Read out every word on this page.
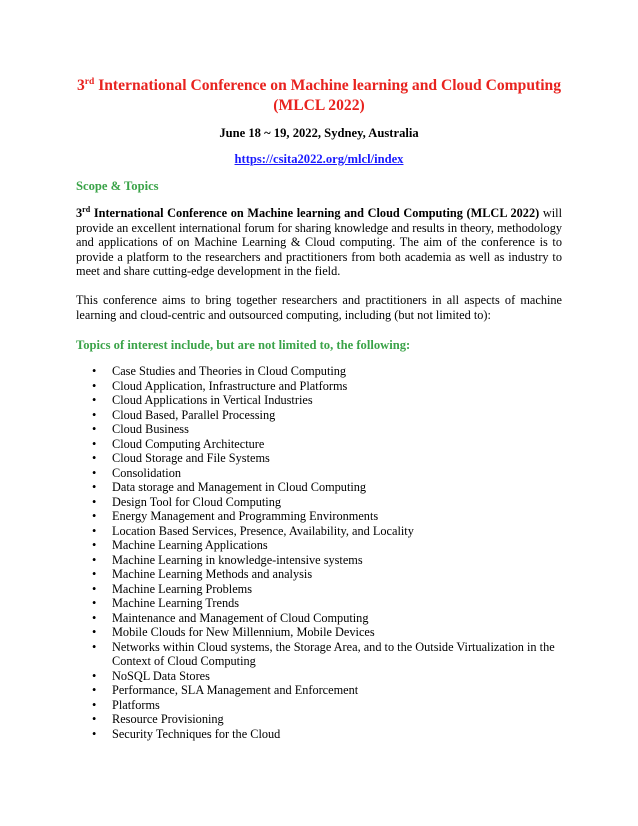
3rd International Conference on Machine learning and Cloud Computing
(MLCL 2022)
June 18 ~ 19, 2022, Sydney, Australia
https://csita2022.org/mlcl/index
Scope & Topics
3rd International Conference on Machine learning and Cloud Computing (MLCL 2022) will provide an excellent international forum for sharing knowledge and results in theory, methodology and applications of on Machine Learning & Cloud computing. The aim of the conference is to provide a platform to the researchers and practitioners from both academia as well as industry to meet and share cutting-edge development in the field.
This conference aims to bring together researchers and practitioners in all aspects of machine learning and cloud-centric and outsourced computing, including (but not limited to):
Topics of interest include, but are not limited to, the following:
• Case Studies and Theories in Cloud Computing
• Cloud Application, Infrastructure and Platforms
• Cloud Applications in Vertical Industries
• Cloud Based, Parallel Processing
• Cloud Business
• Cloud Computing Architecture
• Cloud Storage and File Systems
• Consolidation
• Data storage and Management in Cloud Computing
• Design Tool for Cloud Computing
• Energy Management and Programming Environments
• Location Based Services, Presence, Availability, and Locality
• Machine Learning Applications
• Machine Learning in knowledge-intensive systems
• Machine Learning Methods and analysis
• Machine Learning Problems
• Machine Learning Trends
• Maintenance and Management of Cloud Computing
• Mobile Clouds for New Millennium, Mobile Devices
• Networks within Cloud systems, the Storage Area, and to the Outside Virtualization in the Context of Cloud Computing
• NoSQL Data Stores
• Performance, SLA Management and Enforcement
• Platforms
• Resource Provisioning
• Security Techniques for the Cloud
